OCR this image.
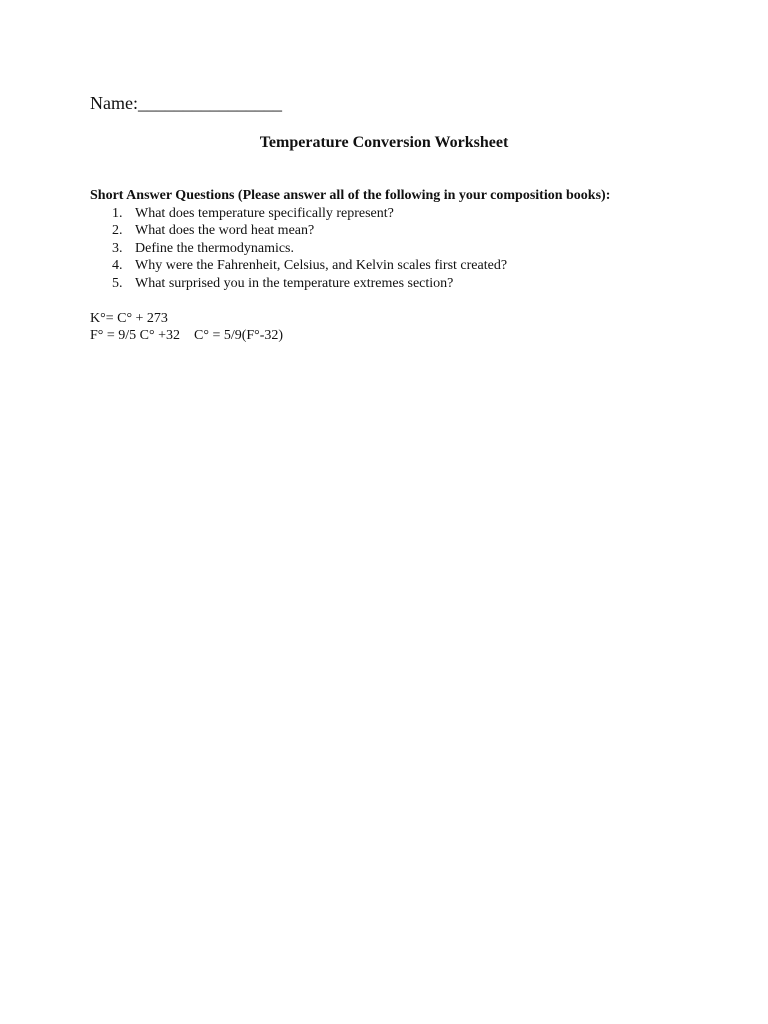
Name:________________
Temperature Conversion Worksheet
Short Answer Questions (Please answer all of the following in your composition books):
1. What does temperature specifically represent?
2. What does the word heat mean?
3. Define the thermodynamics.
4. Why were the Fahrenheit, Celsius, and Kelvin scales first created?
5. What surprised you in the temperature extremes section?
K°= C° + 273
F° = 9/5 C° +32    C° = 5/9(F°-32)
